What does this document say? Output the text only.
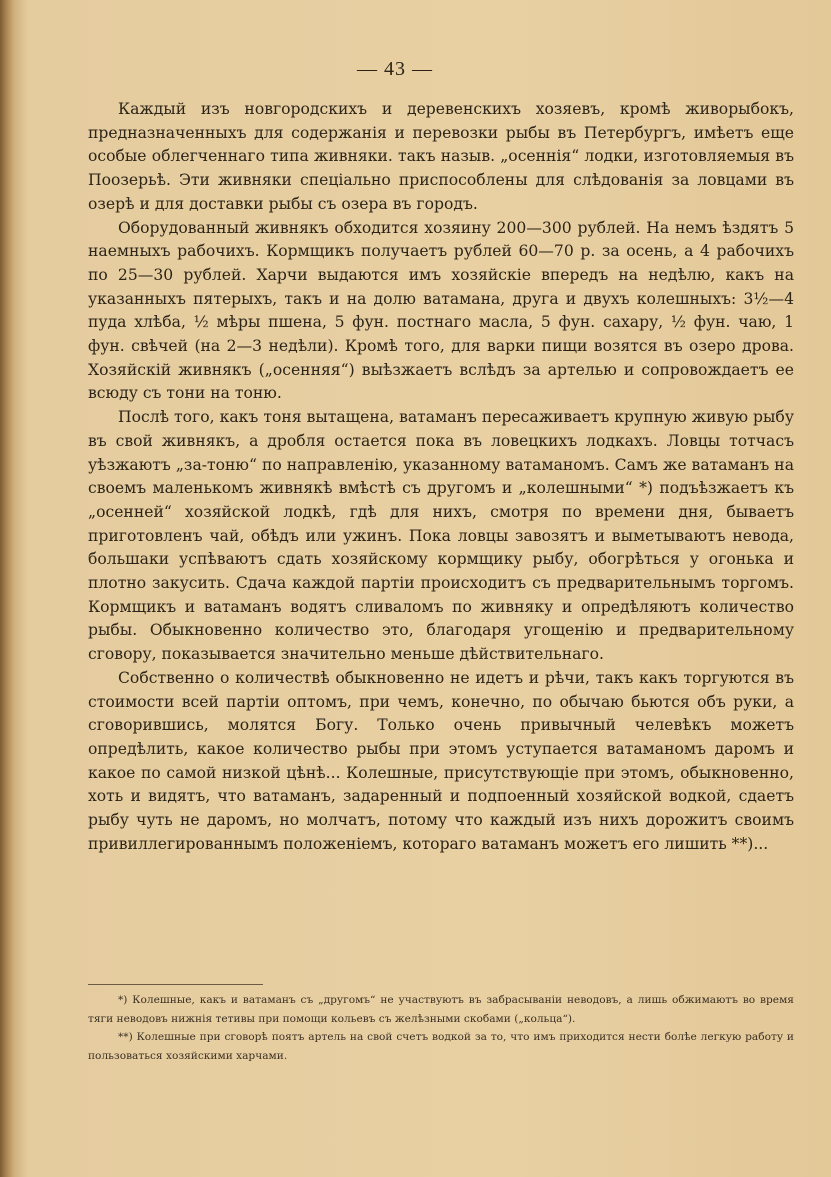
— 43 —

Каждый изъ новгородскихъ и деревенскихъ хозяевъ, кромѣ живорыбокъ, предназначенныхъ для содержанія и перевозки рыбы въ Петербургъ, имѣетъ еще особые облегченнаго типа живняки. такъ назыв. „осеннія“ лодки, изготовляемыя въ Поозерьѣ. Эти живняки спеціально приспособлены для слѣдованія за ловцами въ озерѣ и для доставки рыбы съ озера въ городъ.

Оборудованный живнякъ обходится хозяину 200—300 рублей. На немъ ѣздятъ 5 наемныхъ рабочихъ. Кормщикъ получаетъ рублей 60—70 р. за осень, а 4 рабочихъ по 25—30 рублей. Харчи выдаются имъ хозяйскіе впередъ на недѣлю, какъ на указанныхъ пятерыхъ, такъ и на долю ватамана, друга и двухъ колешныхъ: 3½—4 пуда хлѣба, ½ мѣры пшена, 5 фун. постнаго масла, 5 фун. сахару, ½ фун. чаю, 1 фун. свѣчей (на 2—3 недѣли). Кромѣ того, для варки пищи возятся въ озеро дрова. Хозяйскій живнякъ („осенняя“) выѣзжаетъ вслѣдъ за артелью и сопровождаетъ ее всюду съ тони на тоню.

Послѣ того, какъ тоня вытащена, ватаманъ пересаживаетъ крупную живую рыбу въ свой живнякъ, а дробля остается пока въ ловецкихъ лодкахъ. Ловцы тотчасъ уѣзжаютъ „за-тоню“ по направленію, указанному ватаманомъ. Самъ же ватаманъ на своемъ маленькомъ живнякѣ вмѣстѣ съ другомъ и „колешными“ *) подъѣзжаетъ къ „осенней“ хозяйской лодкѣ, гдѣ для нихъ, смотря по времени дня, бываетъ приготовленъ чай, обѣдъ или ужинъ. Пока ловцы завозятъ и выметываютъ невода, большаки успѣваютъ сдать хозяйскому кормщику рыбу, обогрѣться у огонька и плотно закусить. Сдача каждой партіи происходитъ съ предварительнымъ торгомъ. Кормщикъ и ватаманъ водятъ сливаломъ по живняку и опредѣляютъ количество рыбы. Обыкновенно количество это, благодаря угощенію и предварительному сговору, показывается значительно меньше дѣйствительнаго.

Собственно о количествѣ обыкновенно не идетъ и рѣчи, такъ какъ торгуются въ стоимости всей партіи оптомъ, при чемъ, конечно, по обычаю бьются объ руки, а сговорившись, молятся Богу. Только очень привычный челевѣкъ можетъ опредѣлить, какое количество рыбы при этомъ уступается ватаманомъ даромъ и какое по самой низкой цѣнѣ... Колешные, присутствующіе при этомъ, обыкновенно, хоть и видятъ, что ватаманъ, задаренный и подпоенный хозяйской водкой, сдаетъ рыбу чуть не даромъ, но молчатъ, потому что каждый изъ нихъ дорожитъ своимъ привиллегированнымъ положеніемъ, котораго ватаманъ можетъ его лишить **)...

*) Колешные, какъ и ватаманъ съ „другомъ“ не участвуютъ въ забрасываніи неводовъ, а лишь обжимаютъ во время тяги неводовъ нижнія тетивы при помощи кольевъ съ желѣзными скобами („кольца“).

**) Колешные при сговорѣ поятъ артель на свой счетъ водкой за то, что имъ приходится нести болѣе легкую работу и пользоваться хозяйскими харчами.
